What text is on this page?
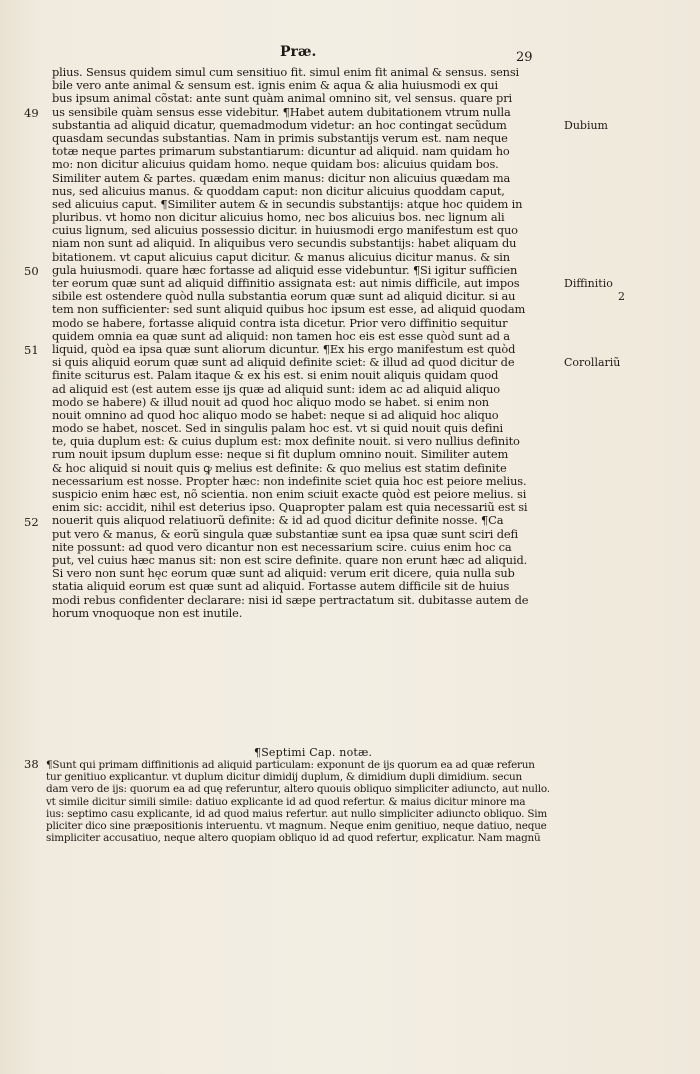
Præ.	29
plius. Sensus quidem simul cum sensitiuo fit. simul enim fit animal & sensus. sensi
bile vero ante animal & sensum est. ignis enim & aqua & alia huiusmodi ex qui
bus ipsum animal cõstat: ante sunt quàm animal omnino sit, vel sensus. quare pri
us sensibile quàm sensus esse videbitur. ¶Habet autem dubitationem vtrum nulla
substantia ad aliquid dicatur, quemadmodum videtur: an hoc contingat secũdum
quasdam secundas substantias. Nam in primis substantijs verum est. nam neque
totæ neque partes primarum substantiarum: dicuntur ad aliquid. nam quidam ho
mo: non dicitur alicuius quidam homo. neque quidam bos: alicuius quidam bos.
Similiter autem & partes. quædam enim manus: dicitur non alicuius quædam ma
nus, sed alicuius manus. & quoddam caput: non dicitur alicuius quoddam caput,
sed alicuius caput. ¶Similiter autem & in secundis substantijs: atque hoc quidem in
pluribus. vt homo non dicitur alicuius homo, nec bos alicuius bos. nec lignum ali
cuius lignum, sed alicuius possessio dicitur. in huiusmodi ergo manifestum est quo
niam non sunt ad aliquid. In aliquibus vero secundis substantijs: habet aliquam du
bitationem. vt caput alicuius caput dicitur. & manus alicuius dicitur manus. & sin
gula huiusmodi. quare hæc fortasse ad aliquid esse videbuntur. ¶Si igitur sufficien
ter eorum quæ sunt ad aliquid diffinitio assignata est: aut nimis difficile, aut impos
sibile est ostendere quòd nulla substantia eorum quæ sunt ad aliquid dicitur. si au
tem non sufficienter: sed sunt aliquid quibus hoc ipsum est esse, ad aliquid quodam
modo se habere, fortasse aliquid contra ista dicetur. Prior vero diffinitio sequitur
quidem omnia ea quæ sunt ad aliquid: non tamen hoc eis est esse quòd sunt ad a
liquid, quòd ea ipsa quæ sunt aliorum dicuntur. ¶Ex his ergo manifestum est quòd
si quis aliquid eorum quæ sunt ad aliquid definite sciet: & illud ad quod dicitur de
finite sciturus est. Palam itaque & ex his est. si enim nouit aliquis quidam quod
ad aliquid est (est autem esse ijs quæ ad aliquid sunt: idem ac ad aliquid aliquo
modo se habere) & illud nouit ad quod hoc aliquo modo se habet. si enim non
nouit omnino ad quod hoc aliquo modo se habet: neque si ad aliquid hoc aliquo
modo se habet, noscet. Sed in singulis palam hoc est. vt si quid nouit quis defini
te, quia duplum est: & cuius duplum est: mox definite nouit. si vero nullius definito
rum nouit ipsum duplum esse: neque si fit duplum omnino nouit. Similiter autem
& hoc aliquid si nouit quis ꝙ melius est definite: & quo melius est statim definite
necessarium est nosse. Propter hæc: non indefinite sciet quia hoc est peiore melius.
suspicio enim hæc est, nõ scientia. non enim sciuit exacte quòd est peiore melius. si
enim sic: accidit, nihil est deterius ipso. Quapropter palam est quia necessariũ est si
nouerit quis aliquod relatiuorũ definite: & id ad quod dicitur definite nosse. ¶Ca
put vero & manus, & eorũ singula quæ substantiæ sunt ea ipsa quæ sunt sciri defi
nite possunt: ad quod vero dicantur non est necessarium scire. cuius enim hoc ca
put, vel cuius hæc manus sit: non est scire definite. quare non erunt hæc ad aliquid.
Si vero non sunt hęc eorum quæ sunt ad aliquid: verum erit dicere, quia nulla sub
statia aliquid eorum est quæ sunt ad aliquid. Fortasse autem difficile sit de huius
modi rebus confidenter declarare: nisi id sæpe pertractatum sit. dubitasse autem de
horum vnoquoque non est inutile.
49
50
51
52
Dubium
Diffinitio
2
Corollariũ
¶Septimi Cap. notæ.
38 ¶Sunt qui primam diffinitionis ad aliquid particulam: exponunt de ijs quorum ea ad quæ referun
tur genitiuo explicantur. vt duplum dicitur dimidij duplum, & dimidium dupli dimidium. secun
dam vero de ijs: quorum ea ad quę referuntur, altero quouis obliquo simpliciter adiuncto, aut nullo.
vt simile dicitur simili simile: datiuo explicante id ad quod refertur. & maius dicitur minore ma
ius: septimo casu explicante, id ad quod maius refertur. aut nullo simpliciter adiuncto obliquo. Sim
pliciter dico sine præpositionis interuentu. vt magnum. Neque enim genitiuo, neque datiuo, neque
simpliciter accusatiuo, neque altero quopiam obliquo id ad quod refertur, explicatur. Nam magnũ
